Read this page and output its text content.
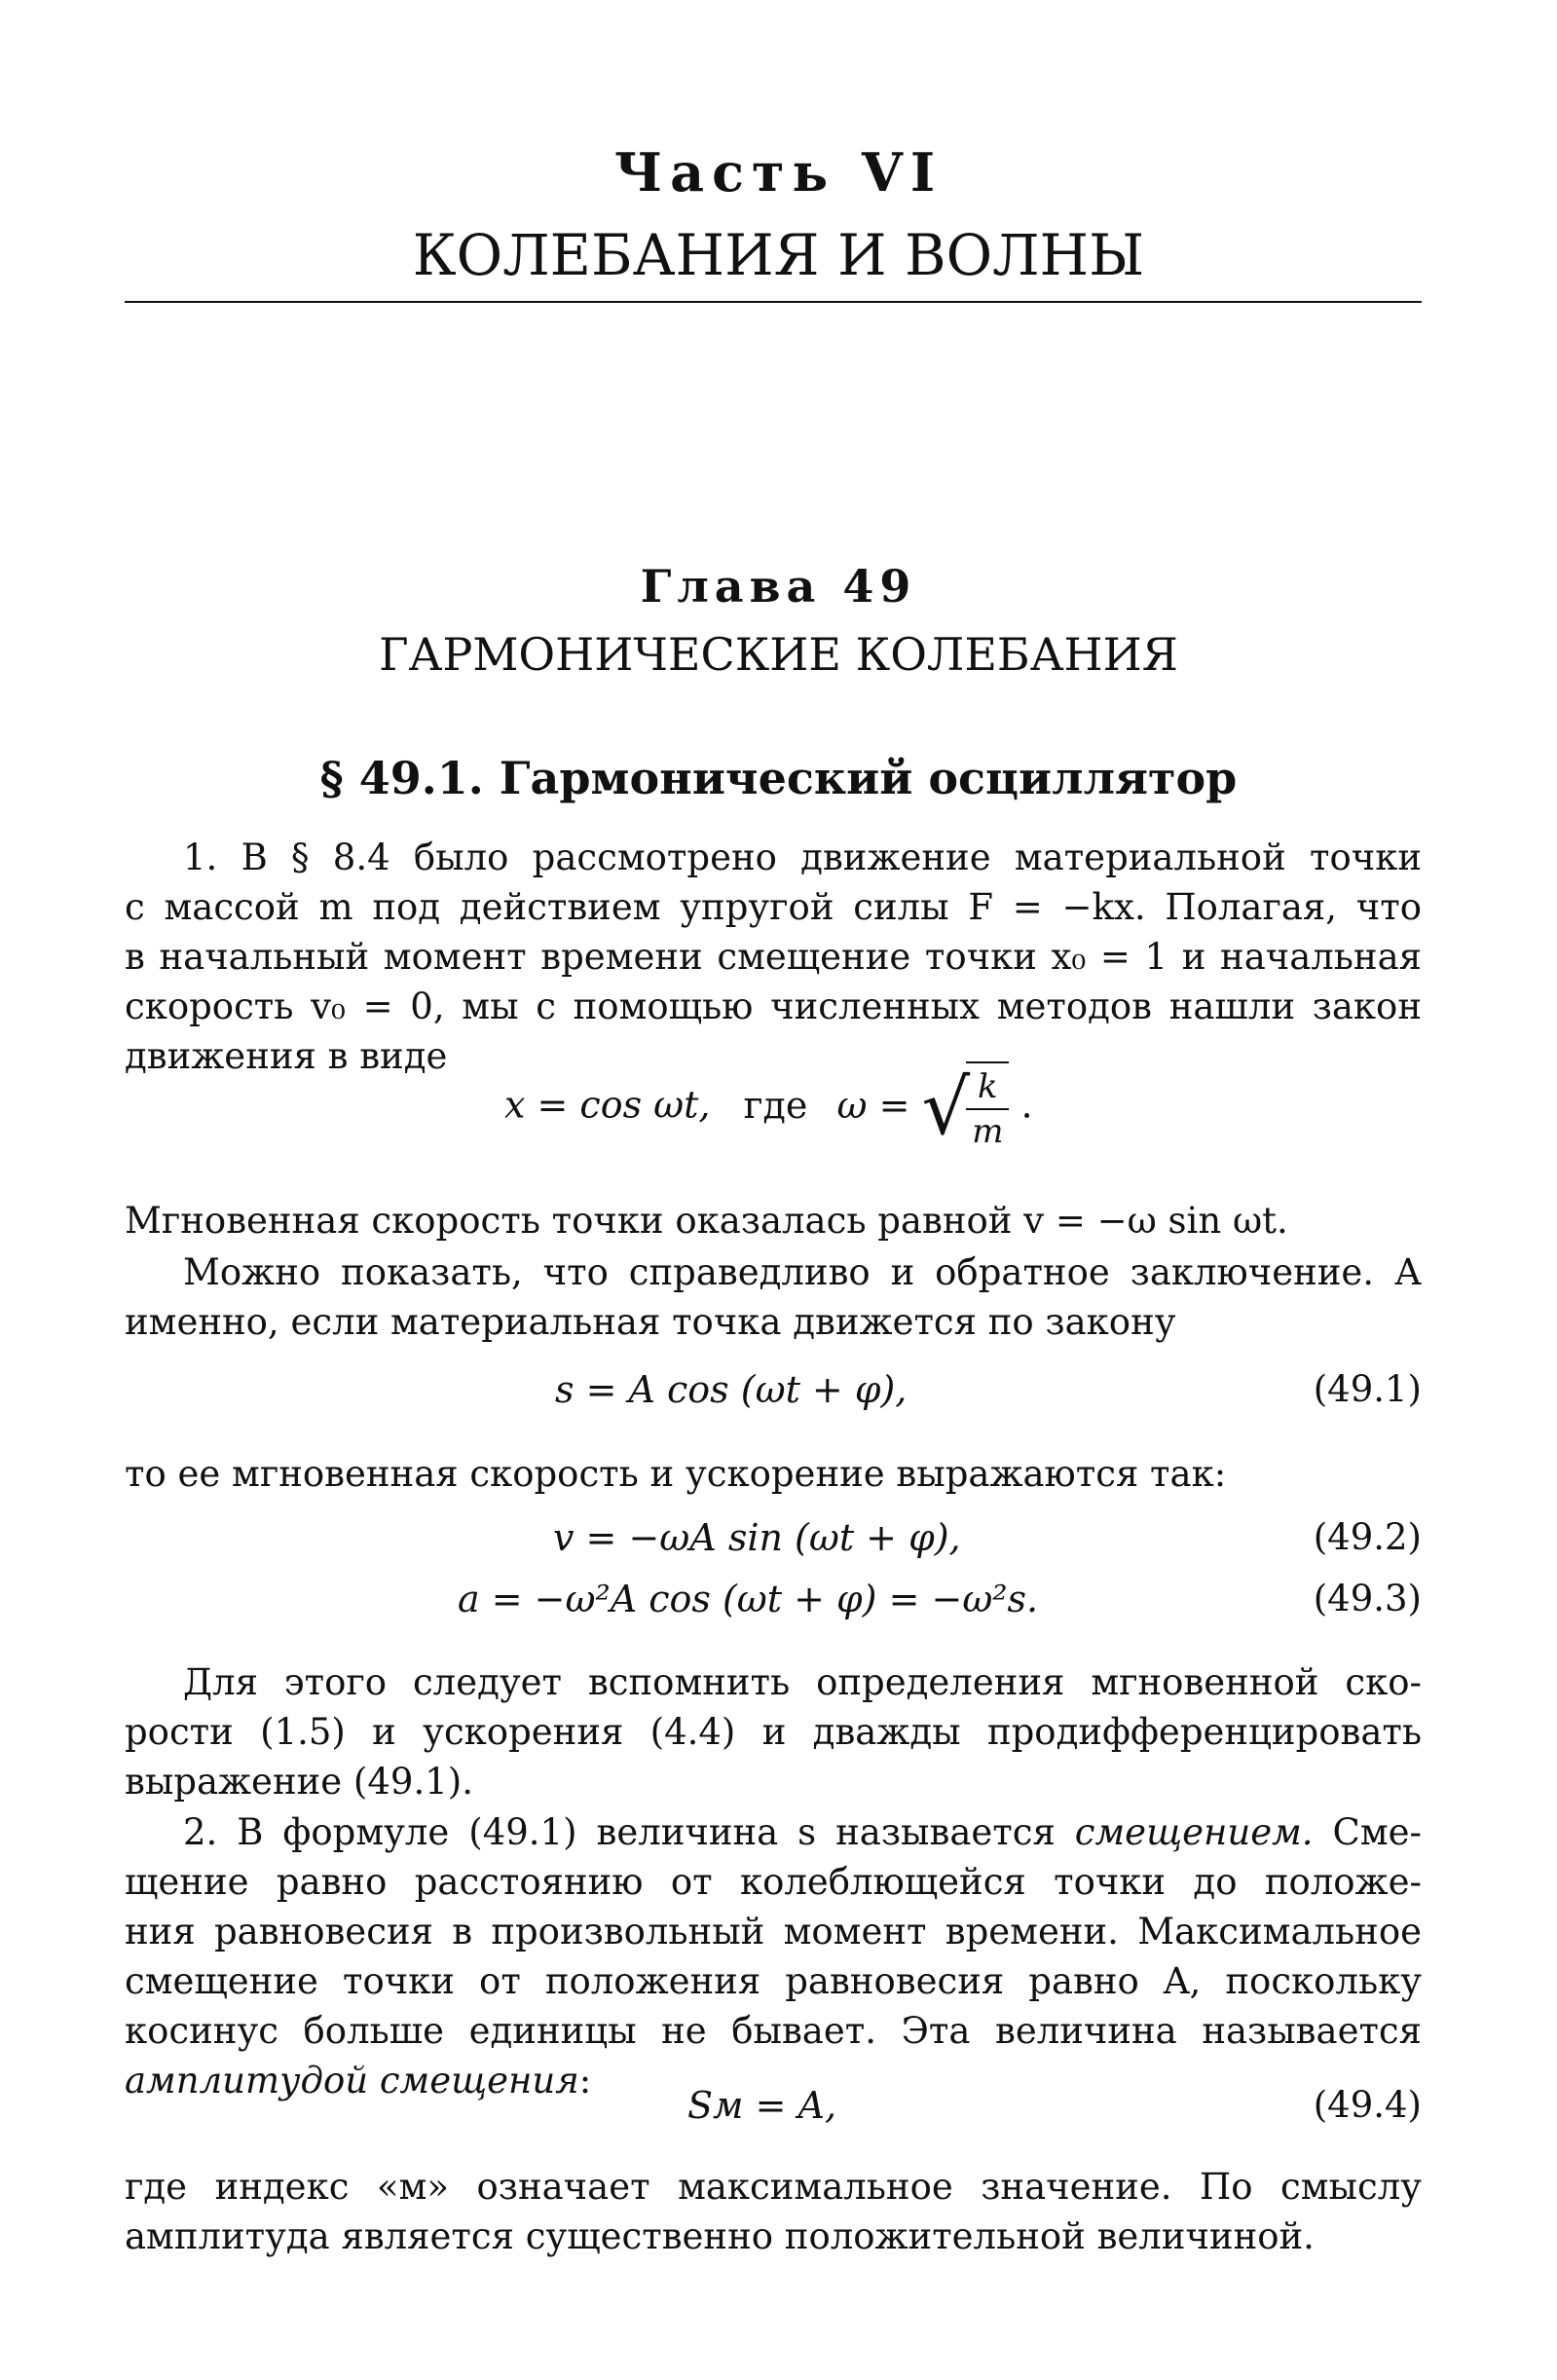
Часть VI
КОЛЕБАНИЯ И ВОЛНЫ
Глава 49
ГАРМОНИЧЕСКИЕ КОЛЕБАНИЯ
§ 49.1. Гармонический осциллятор
1. В § 8.4 было рассмотрено движение материальной точки
с массой m под действием упругой силы F = −kx. Полагая, что
в начальный момент времени смещение точки x₀ = 1 и начальная
скорость v₀ = 0, мы с помощью численных методов нашли закон
движения в виде
x = cos ωt, где ω = √
$\frac{k}{m}$ .
Мгновенная скорость точки оказалась равной v = −ω sin ωt.
Можно показать, что справедливо и обратное заключение. А
именно, если материальная точка движется по закону
s = A cos (ωt + φ),	(49.1)
то ее мгновенная скорость и ускорение выражаются так:
v = −ωA sin (ωt + φ),	(49.2)
a = −ω²A cos (ωt + φ) = −ω²s.	(49.3)
Для этого следует вспомнить определения мгновенной ско-
рости (1.5) и ускорения (4.4) и дважды продифференцировать
выражение (49.1).
2. В формуле (49.1) величина s называется смещением. Сме-
щение равно расстоянию от колеблющейся точки до положе-
ния равновесия в произвольный момент времени. Максимальное
смещение точки от положения равновесия равно A, поскольку
косинус больше единицы не бывает. Эта величина называется
амплитудой смещения:
Sм = A,	(49.4)
где индекс «м» означает максимальное значение. По смыслу
амплитуда является существенно положительной величиной.
